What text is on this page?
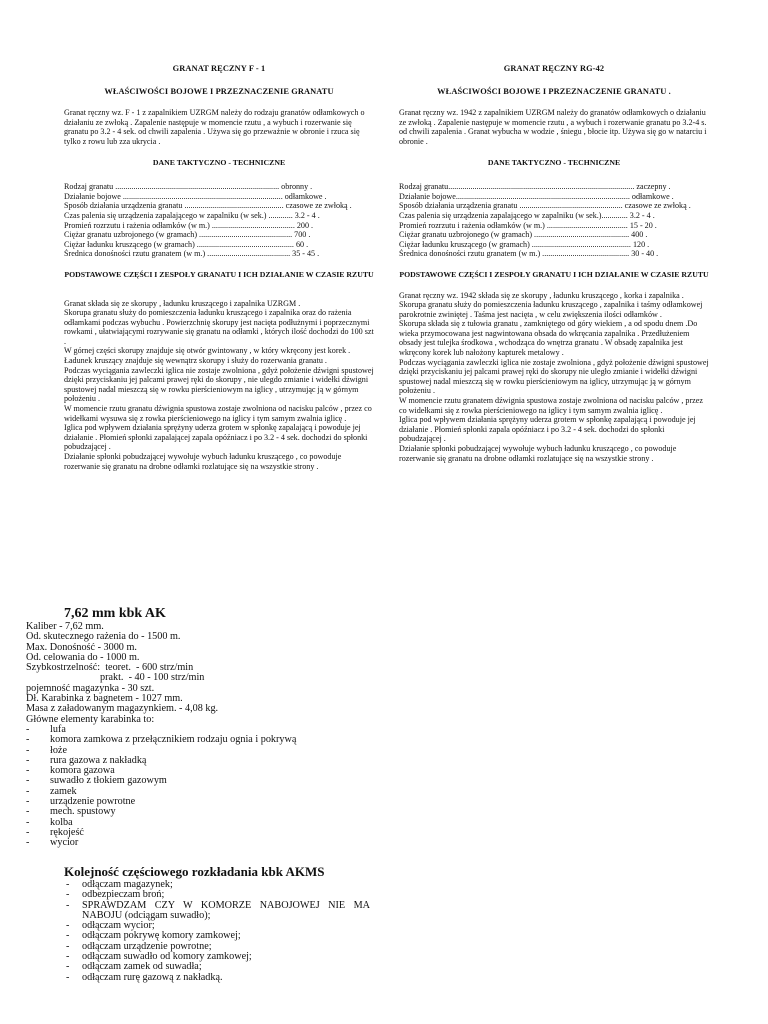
GRANAT RĘCZNY F - 1
WŁAŚCIWOŚCI BOJOWE I PRZEZNACZENIE GRANATU

Granat ręczny wz. F - 1 z zapalnikiem UZRGM należy do rodzaju granatów odłamkowych o działaniu ze zwłoką . Zapalenie następuje w momencie rzutu , a wybuch i rozerwanie się granatu po 3.2 - 4 sek. od chwili zapalenia . Używa się go przeważnie w obronie i rzuca się tylko z rowu lub zza ukrycia .

DANE TAKTYCZNO - TECHNICZNE
Rodzaj granatu ................................................................................. obronny .
Działanie bojowe ............................................................................... odłamkowe .
Sposób działania urządzenia granatu ................................................. czasowe ze zwłoką .
Czas palenia się urządzenia zapalającego w zapalniku (w sek.) ............ 3.2 - 4 .
Promień rozrzutu i rażenia odłamków (w m.) ......................................... 200 .
Ciężar granatu uzbrojonego (w gramach) .............................................. 700 .
Ciężar ładunku kruszącego (w gramach) ................................................ 60 .
Średnica donośności rzutu granatem (w m.) ......................................... 35 - 45 .
PODSTAWOWE CZĘŚCI I ZESPOŁY GRANATU I ICH DZIAŁANIE W CZASIE RZUTU
Granat składa się ze skorupy , ładunku kruszącego i zapalnika UZRGM .
Skorupa granatu służy do pomieszczenia ładunku kruszącego i zapalnika oraz do rażenia odłamkami podczas wybuchu . Powierzchnię skorupy jest nacięta podłużnymi i poprzecznymi rowkami , ułatwiającymi rozrywanie się granatu na odłamki , których ilość dochodzi do 100 szt .
W górnej części skorupy znajduje się otwór gwintowany , w który wkręcony jest korek .
Ładunek kruszący znajduje się wewnątrz skorupy i służy do rozerwania granatu .
Podczas wyciągania zawleczki iglica nie zostaje zwolniona , gdyż położenie dźwigni spustowej
dzięki przyciskaniu jej palcami prawej ręki do skorupy , nie ulegdo zmianie i widełki dźwigni spustowej nadal mieszczą się w rowku pierścieniowym na iglicy , utrzymując ją w górnym położeniu .
W momencie rzutu granatu dźwignia spustowa zostaje zwolniona od nacisku palców , przez co widełkami wysuwa się z rowka pierścieniowego na iglicy i tym samym zwalnia iglicę .
Iglica pod wpływem działania sprężyny uderza grotem w spłonkę zapalającą i powoduje jej działanie . Płomień spłonki zapalającej zapala opóźniacz i po 3.2 - 4 sek. dochodzi do spłonki pobudzającej .
Działanie spłonki pobudzającej wywołuje wybuch ładunku kruszącego , co powoduje rozerwanie się granatu na drobne odłamki rozlatujące się na wszystkie strony .
GRANAT RĘCZNY RG-42
WŁAŚCIWOŚCI BOJOWE I PRZEZNACZENIE GRANATU .

Granat ręczny wz. 1942 z zapalnikiem UZRGM należy do granatów odłamkowych o działaniu ze zwłoką . Zapalenie następuje w momencie rzutu , a wybuch i rozerwanie granatu po 3.2-4 s. od chwili zapalenia . Granat wybucha w wodzie , śniegu , błocie itp. Używa się go w natarciu i obronie .

DANE TAKTYCZNO - TECHNICZNE
Rodzaj granatu............................................................................................ zaczepny .
Działanie bojowe...................................................................................... odłamkowe .
Sposób działania urządzenia granatu ................................................... czasowe ze zwłoką .
Czas palenia się urządzenia zapalającego w zapalniku (w sek.)............. 3.2 - 4 .
Promień rozrzutu i rażenia odłamków (w m.) ........................................ 15 - 20 .
Ciężar granatu uzbrojonego (w gramach) ............................................... 400 .
Ciężar ładunku kruszącego (w gramach) ................................................. 120 .
Średnica donośności rzutu granatem (w m.) ........................................... 30 - 40 .
PODSTAWOWE CZĘŚCI I ZESPOŁY GRANATU I ICH DZIAŁANIE W CZASIE RZUTU
Granat ręczny wz. 1942 składa się ze skorupy , ładunku kruszącego , korka i zapalnika .
Skorupa granatu służy do pomieszczenia ładunku kruszącego , zapalnika i taśmy odłamkowej parokrotnie zwiniętej . Taśma jest nacięta , w celu zwiększenia ilości odłamków .
Skorupa składa się z tułowia granatu , zamkniętego od góry wiekiem , a od spodu dnem .Do wieka przymocowana jest nagwintowana obsada do wkręcania zapalnika . Przedłużeniem obsady jest tulejka środkowa , wchodząca do wnętrza granatu . W obsadę zapalnika jest wkręcony korek lub nałożony kapturek metalowy .
Podczas wyciągania zawleczki iglica nie zostaje zwolniona , gdyż położenie dźwigni spustowej dzięki przyciskaniu jej palcami prawej ręki do skorupy nie uległo zmianie i widełki dźwigni spustowej nadal mieszczą się w rowku pierścieniowym na iglicy, utrzymując ją w górnym położeniu .
W momencie rzutu granatem dźwignia spustowa zostaje zwolniona od nacisku palców , przez co widełkami się z rowka pierścieniowego na iglicy i tym samym zwalnia iglicę .
Iglica pod wpływem działania sprężyny uderza grotem w spłonkę zapalającą i powoduje jej działanie . Płomień spłonki zapala opóźniacz i po 3.2 - 4 sek. dochodzi do spłonki pobudzającej .
Działanie spłonki pobudzającej wywołuje wybuch ładunku kruszącego , co powoduje rozerwanie się granatu na drobne odłamki rozlatujące się na wszystkie strony .
7,62 mm kbk AK
Kaliber - 7,62 mm.
Od. skutecznego rażenia do - 1500 m.
Max. Donośność - 3000 m.
Od. celowania do - 1000 m.
Szybkostrzelność:  teoret.  - 600 strz/min
prakt.  - 40 - 100 strz/min
pojemność magazynka - 30 szt.
Dł. Karabinka z bagnetem - 1027 mm.
Masa z załadowanym magazynkiem. - 4,08 kg.
Główne elementy karabinka to:
-	lufa
-	komora zamkowa z przełącznikiem rodzaju ognia i pokrywą
-	łoże
-	rura gazowa z nakładką
-	komora gazowa
-	suwadło z tłokiem gazowym
-	zamek
-	urządzenie powrotne
-	mech. spustowy
-	kolba
-	rękojeść
-	wycior
Kolejność częściowego rozkładania kbk AKMS
-	odłączam magazynek;
-	odbezpieczam broń;
-	SPRAWDZAM CZY W KOMORZE NABOJOWEJ NIE MA NABOJU (odciągam suwadło);
-	odłączam wycior;
-	odłączam pokrywę komory zamkowej;
-	odłączam urządzenie powrotne;
-	odłączam suwadło od komory zamkowej;
-	odłączam zamek od suwadła;
-	odłączam rurę gazową z nakładką.
